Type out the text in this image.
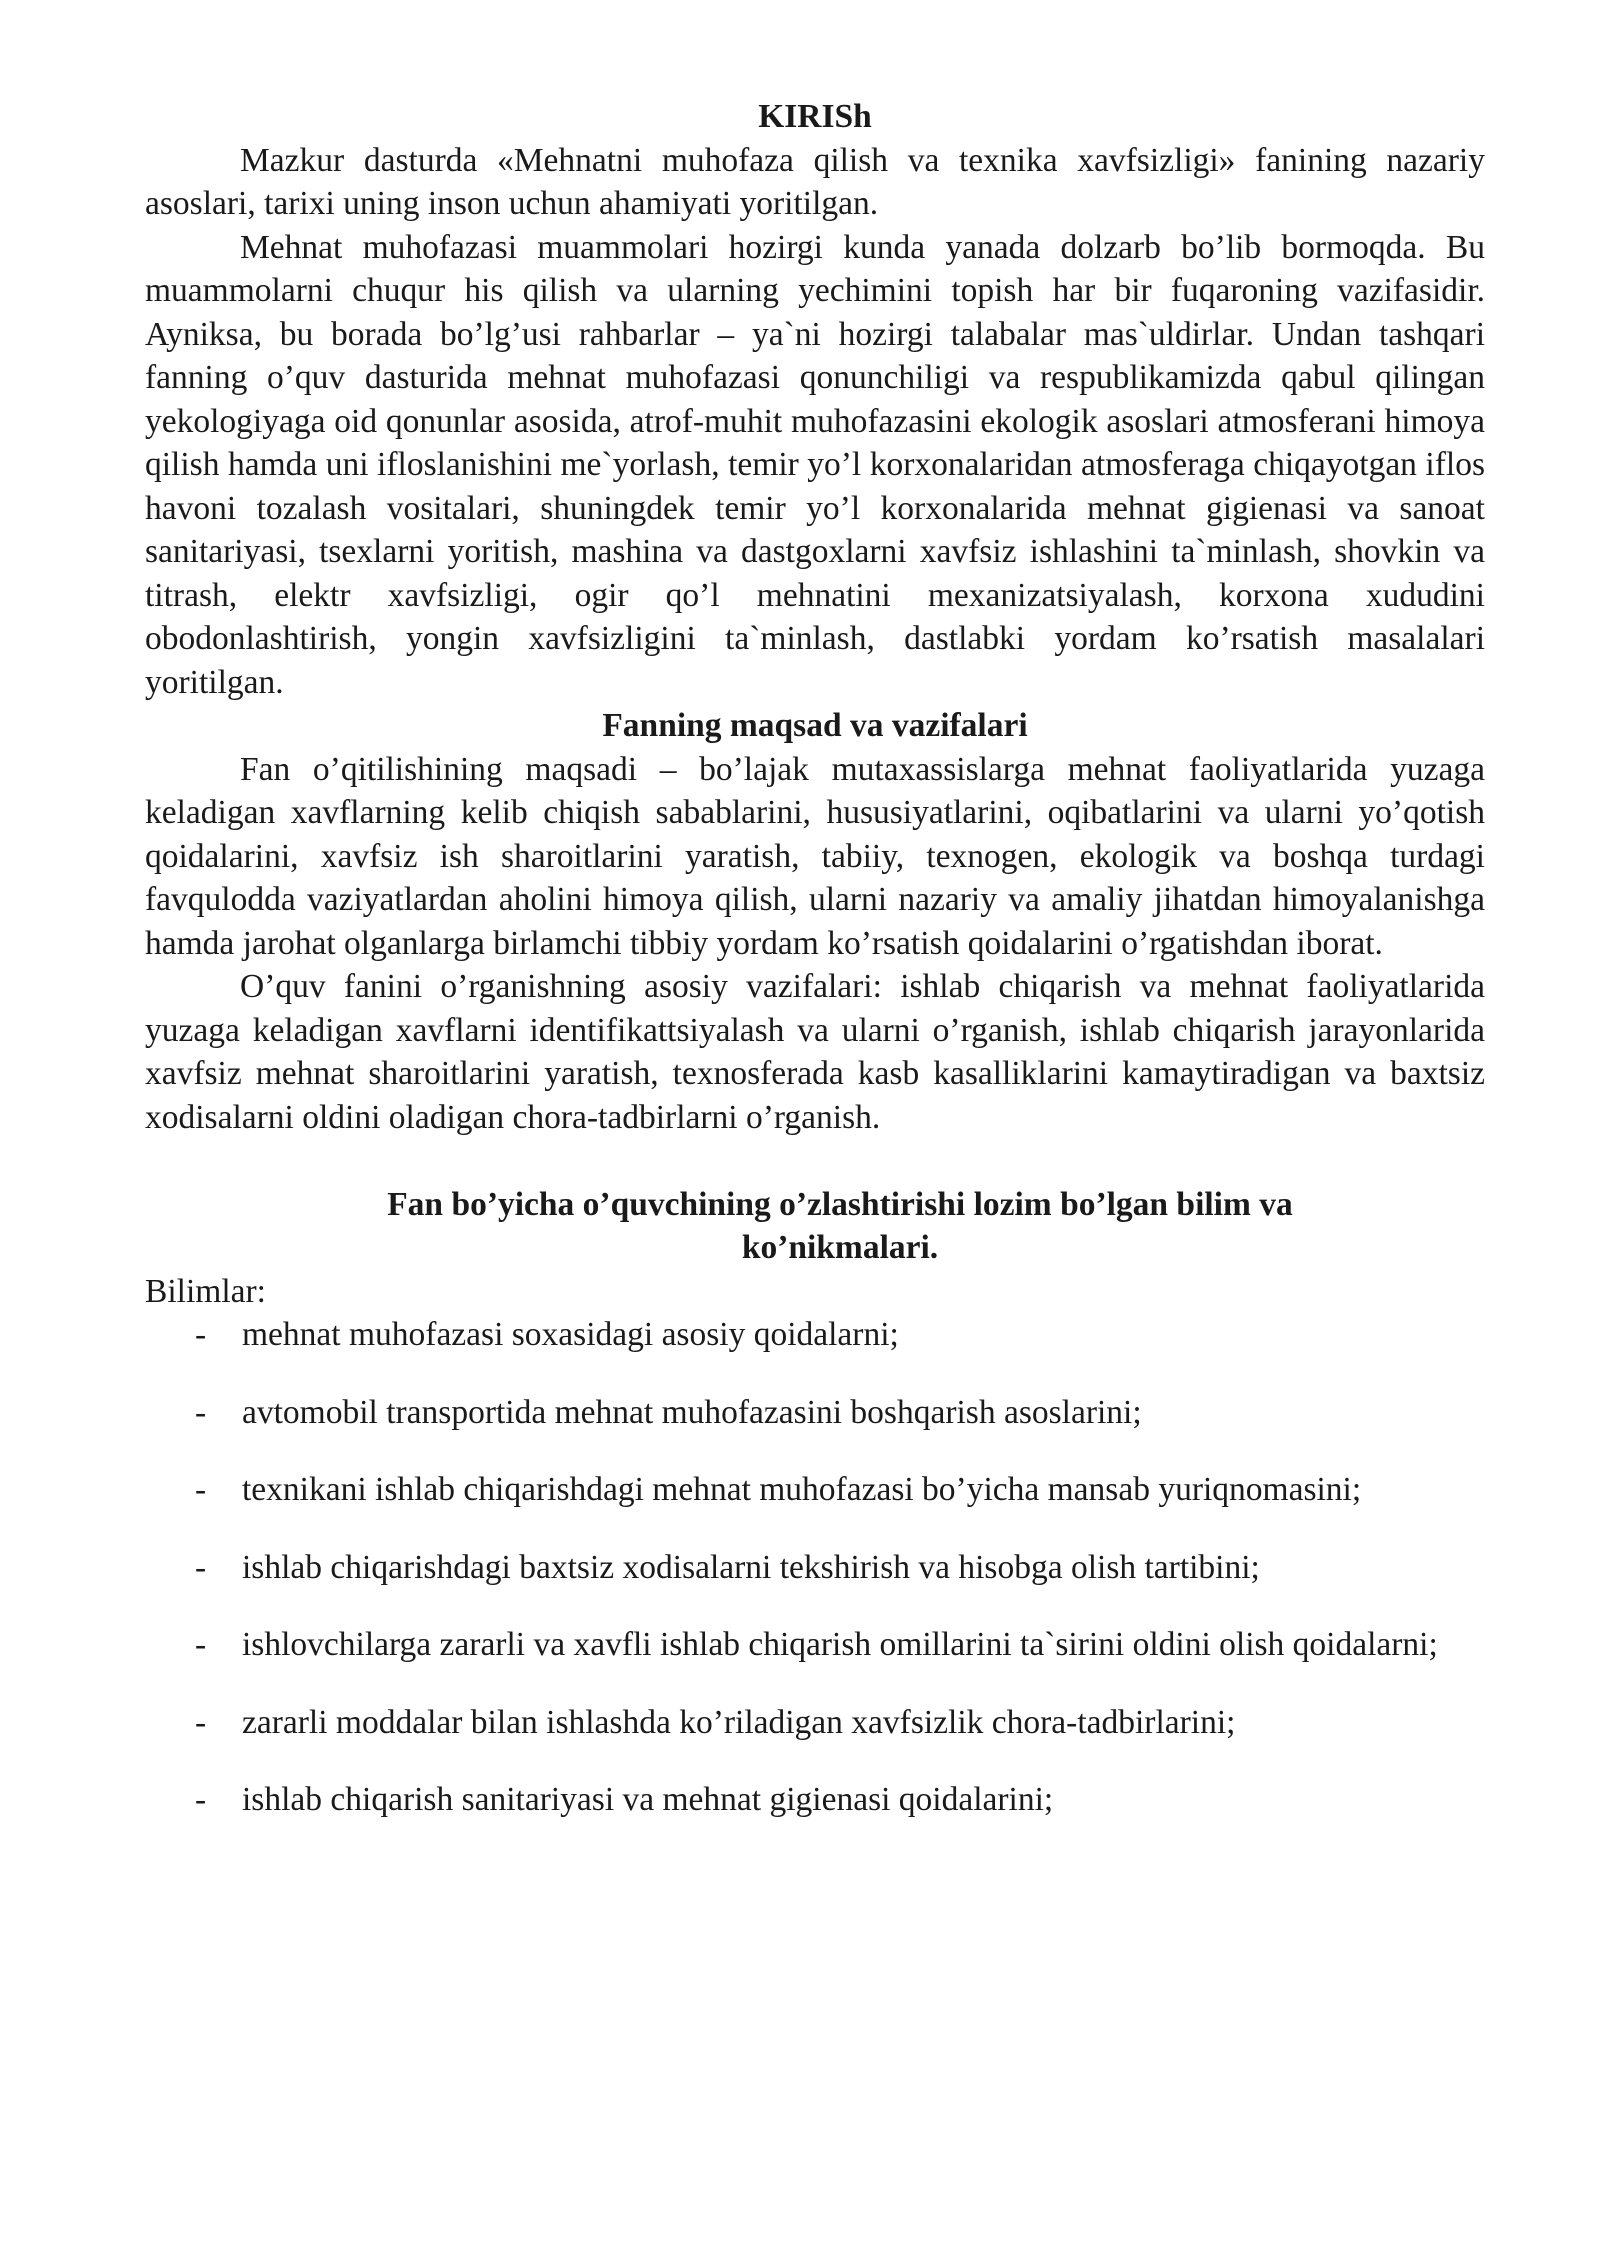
KIRISh

Mazkur dasturda «Mehnatni muhofaza qilish va texnika xavfsizligi» fanining nazariy asoslari, tarixi uning inson uchun ahamiyati yoritilgan.

Mehnat muhofazasi muammolari hozirgi kunda yanada dolzarb bo’lib bormoqda. Bu muammolarni chuqur his qilish va ularning yechimini topish har bir fuqaroning vazifasidir. Ayniksa, bu borada bo’lg’usi rahbarlar – ya`ni hozirgi talabalar mas`uldirlar. Undan tashqari fanning o’quv dasturida mehnat muhofazasi qonunchiligi va respublikamizda qabul qilingan yekologiyaga oid qonunlar asosida, atrof-muhit muhofazasini ekologik asoslari atmosferani himoya qilish hamda uni ifloslanishini me`yorlash, temir yo’l korxonalaridan atmosferaga chiqayotgan iflos havoni tozalash vositalari, shuningdek temir yo’l korxonalarida mehnat gigienasi va sanoat sanitariyasi, tsexlarni yoritish, mashina va dastgoxlarni xavfsiz ishlashini ta`minlash, shovkin va titrash, elektr xavfsizligi, ogir qo’l mehnatini mexanizatsiyalash, korxona xududini obodonlashtirish, yongin xavfsizligini ta`minlash, dastlabki yordam ko’rsatish masalalari yoritilgan.

Fanning maqsad va vazifalari

Fan o’qitilishining maqsadi – bo’lajak mutaxassislarga mehnat faoliyatlarida yuzaga keladigan xavflarning kelib chiqish sabablarini, hususiyatlarini, oqibatlarini va ularni yo’qotish qoidalarini, xavfsiz ish sharoitlarini yaratish, tabiiy, texnogen, ekologik va boshqa turdagi favqulodda vaziyatlardan aholini himoya qilish, ularni nazariy va amaliy jihatdan himoyalanishga hamda jarohat olganlarga birlamchi tibbiy yordam ko’rsatish qoidalarini o’rgatishdan iborat.

O’quv fanini o’rganishning asosiy vazifalari: ishlab chiqarish va mehnat faoliyatlarida yuzaga keladigan xavflarni identifikattsiyalash va ularni o’rganish, ishlab chiqarish jarayonlarida xavfsiz mehnat sharoitlarini yaratish, texnosferada kasb kasalliklarini kamaytiradigan va baxtsiz xodisalarni oldini oladigan chora-tadbirlarni o’rganish.

Fan bo’yicha o’quvchining o’zlashtirishi lozim bo’lgan bilim va
ko’nikmalari.

Bilimlar:

- mehnat muhofazasi soxasidagi asosiy qoidalarni;
- avtomobil transportida mehnat muhofazasini boshqarish asoslarini;
- texnikani ishlab chiqarishdagi mehnat muhofazasi bo’yicha mansab yuriqnomasini;
- ishlab chiqarishdagi baxtsiz xodisalarni tekshirish va hisobga olish tartibini;
- ishlovchilarga zararli va xavfli ishlab chiqarish omillarini ta`sirini oldini olish qoidalarni;
- zararli moddalar bilan ishlashda ko’riladigan xavfsizlik chora-tadbirlarini;
- ishlab chiqarish sanitariyasi va mehnat gigienasi qoidalarini;
